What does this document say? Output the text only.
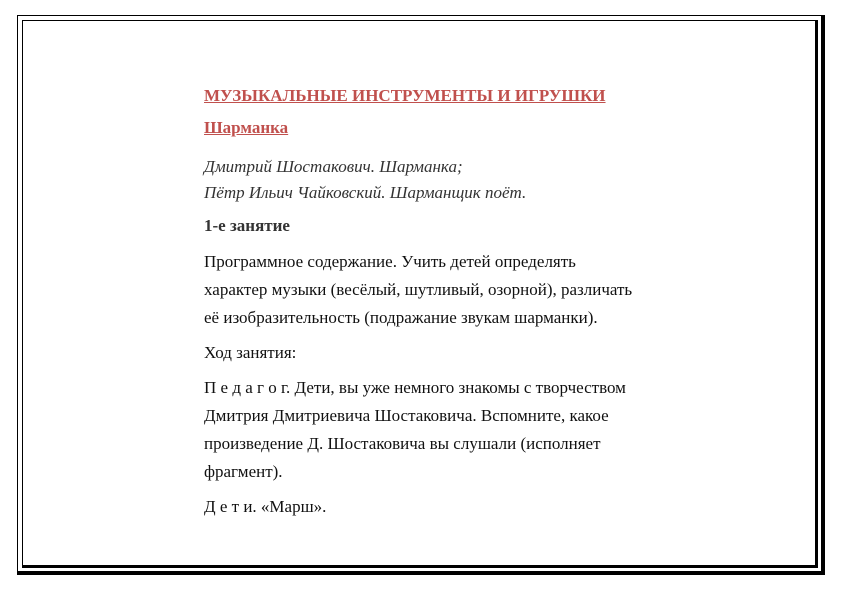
МУЗЫКАЛЬНЫЕ ИНСТРУМЕНТЫ И ИГРУШКИ
Шарманка
Дмитрий Шостакович. Шарманка;
Пётр Ильич Чайковский. Шарманщик поёт.
1-е занятие
Программное содержание. Учить детей определять
характер музыки (весёлый, шутливый, озорной), различать
её изобразительность (подражание звукам шарманки).
Ход занятия:
П е д а г о г. Дети, вы уже немного знакомы с творчеством
Дмитрия Дмитриевича Шостаковича. Вспомните, какое
произведение Д. Шостаковича вы слушали (исполняет
фрагмент).
Д е т и. «Марш».
